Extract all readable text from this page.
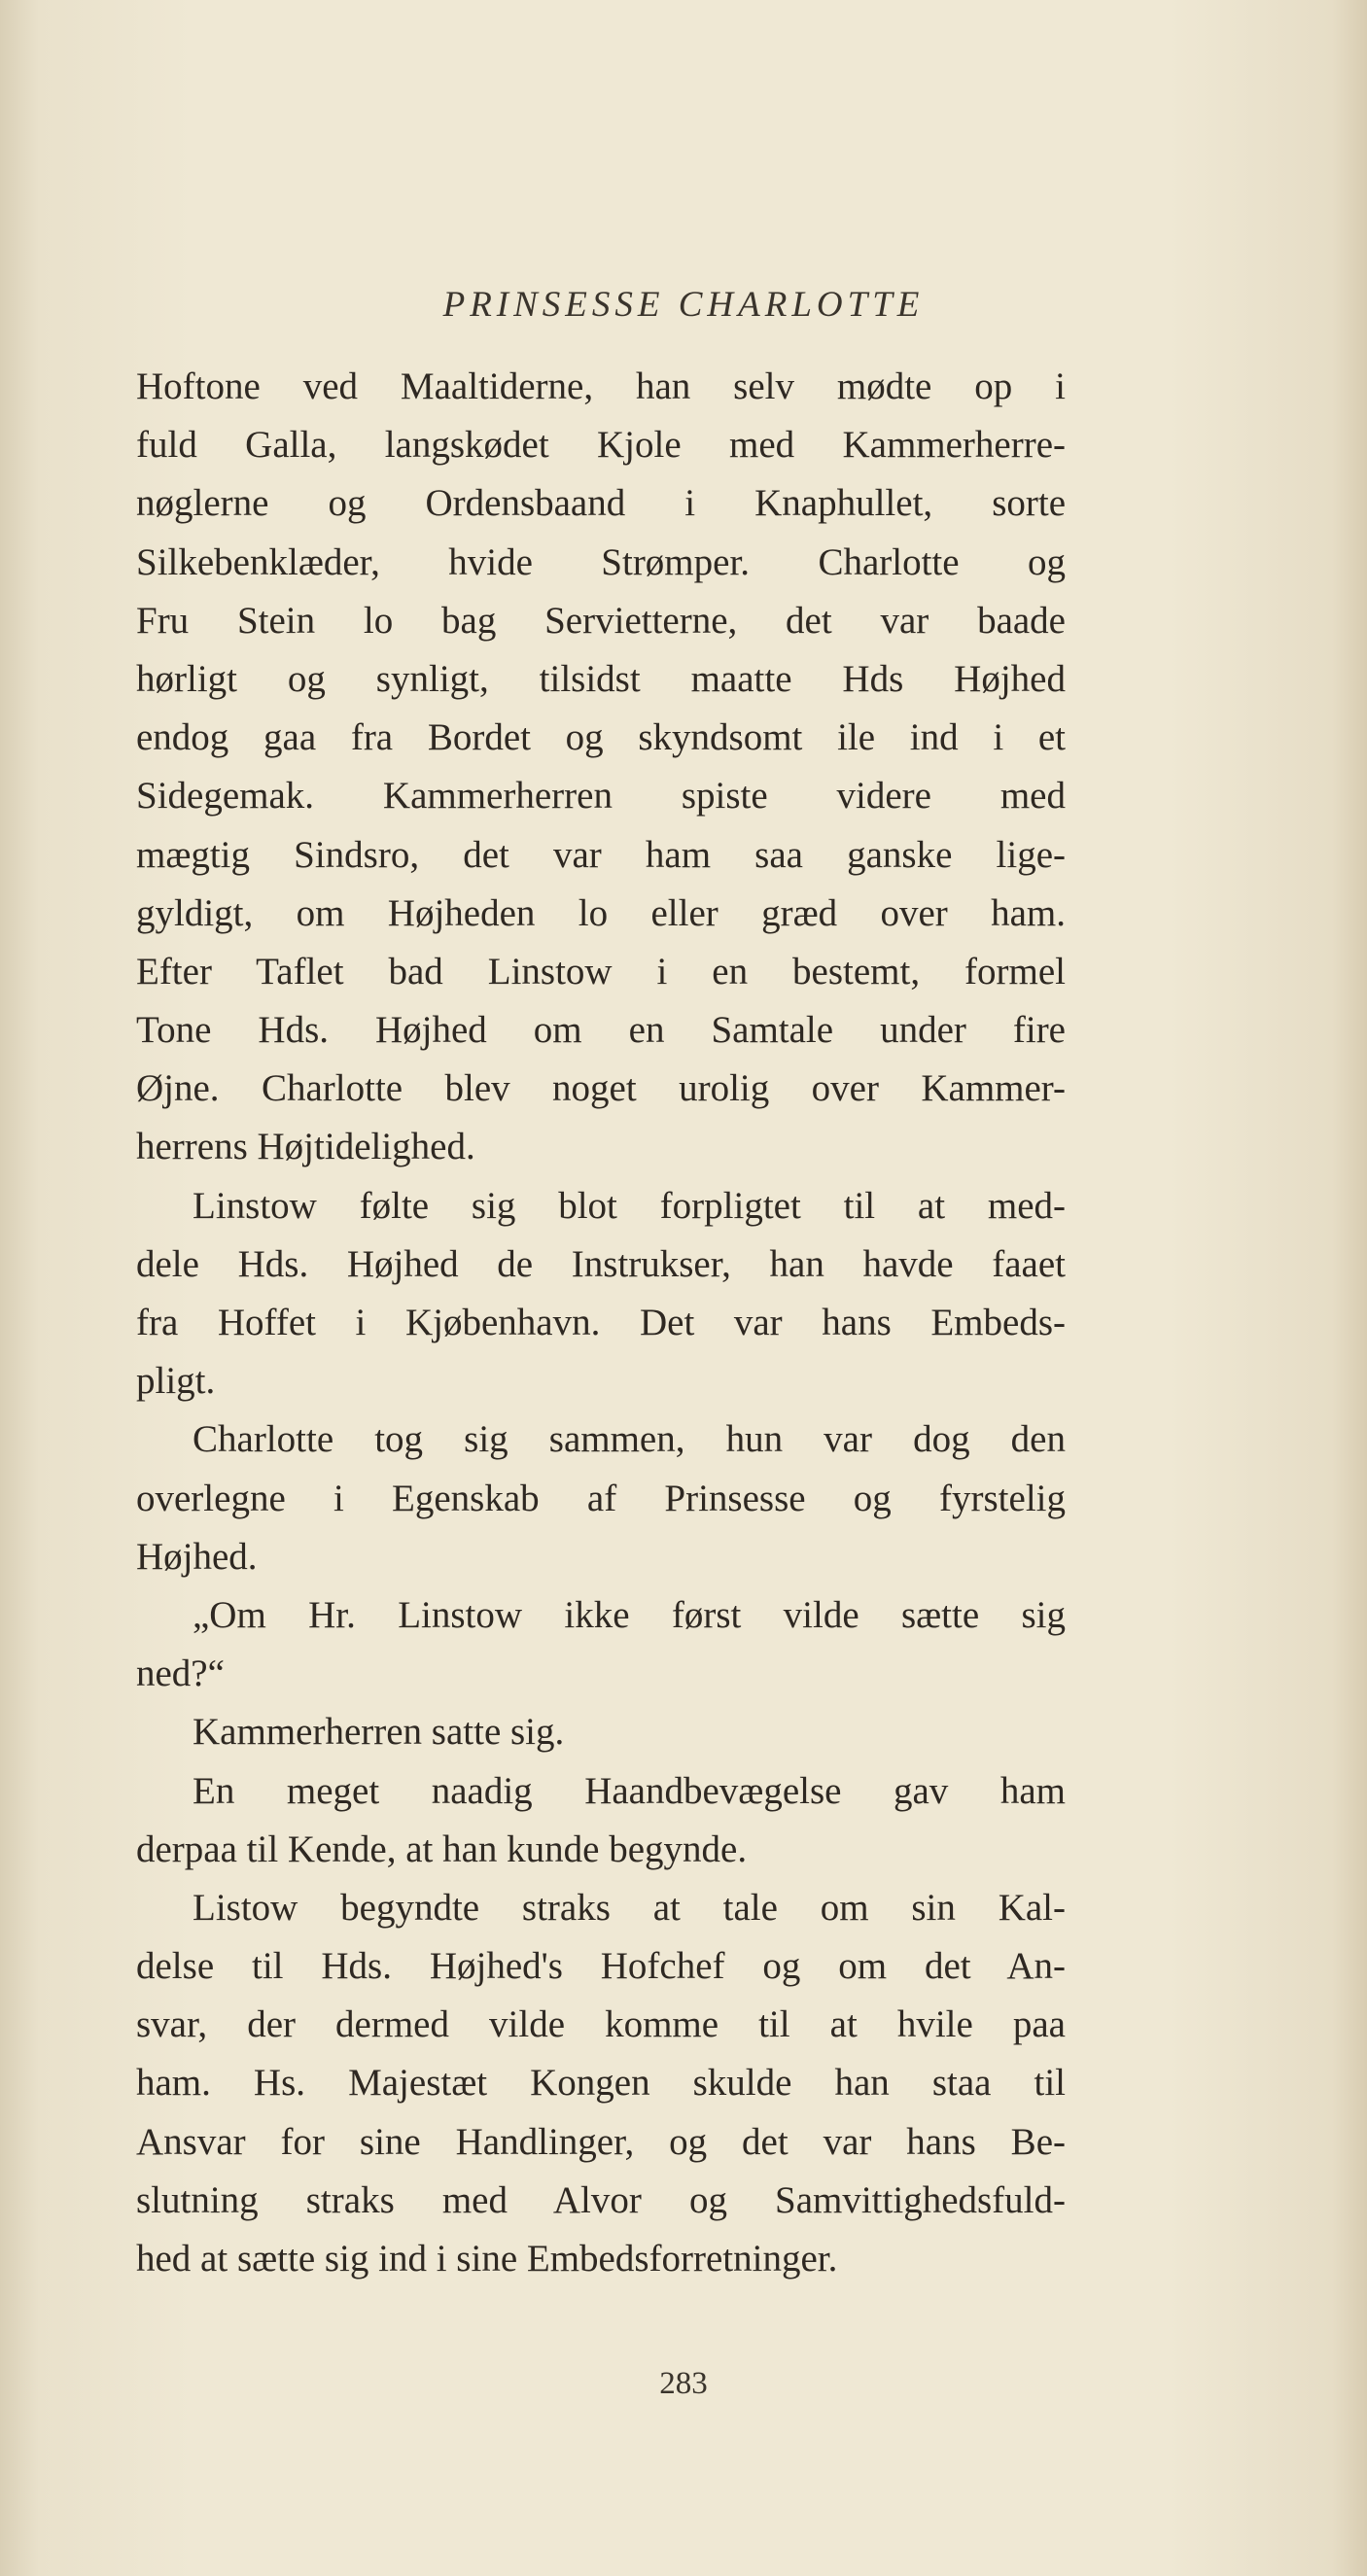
PRINSESSE CHARLOTTE
Hoftone ved Maaltiderne, han selv mødte op i
fuld Galla, langskødet Kjole med Kammerherre-
nøglerne og Ordensbaand i Knaphullet, sorte
Silkebenklæder, hvide Strømper. Charlotte og
Fru Stein lo bag Servietterne, det var baade
hørligt og synligt, tilsidst maatte Hds Højhed
endog gaa fra Bordet og skyndsomt ile ind i et
Sidegemak. Kammerherren spiste videre med
mægtig Sindsro, det var ham saa ganske lige-
gyldigt, om Højheden lo eller græd over ham.
Efter Taflet bad Linstow i en bestemt, formel
Tone Hds. Højhed om en Samtale under fire
Øjne. Charlotte blev noget urolig over Kammer-
herrens Højtidelighed.
Linstow følte sig blot forpligtet til at med-
dele Hds. Højhed de Instrukser, han havde faaet
fra Hoffet i Kjøbenhavn. Det var hans Embeds-
pligt.
Charlotte tog sig sammen, hun var dog den
overlegne i Egenskab af Prinsesse og fyrstelig
Højhed.
„Om Hr. Linstow ikke først vilde sætte sig
ned?“
Kammerherren satte sig.
En meget naadig Haandbevægelse gav ham
derpaa til Kende, at han kunde begynde.
Listow begyndte straks at tale om sin Kal-
delse til Hds. Højhed's Hofchef og om det An-
svar, der dermed vilde komme til at hvile paa
ham. Hs. Majestæt Kongen skulde han staa til
Ansvar for sine Handlinger, og det var hans Be-
slutning straks med Alvor og Samvittighedsfuld-
hed at sætte sig ind i sine Embedsforretninger.
283
